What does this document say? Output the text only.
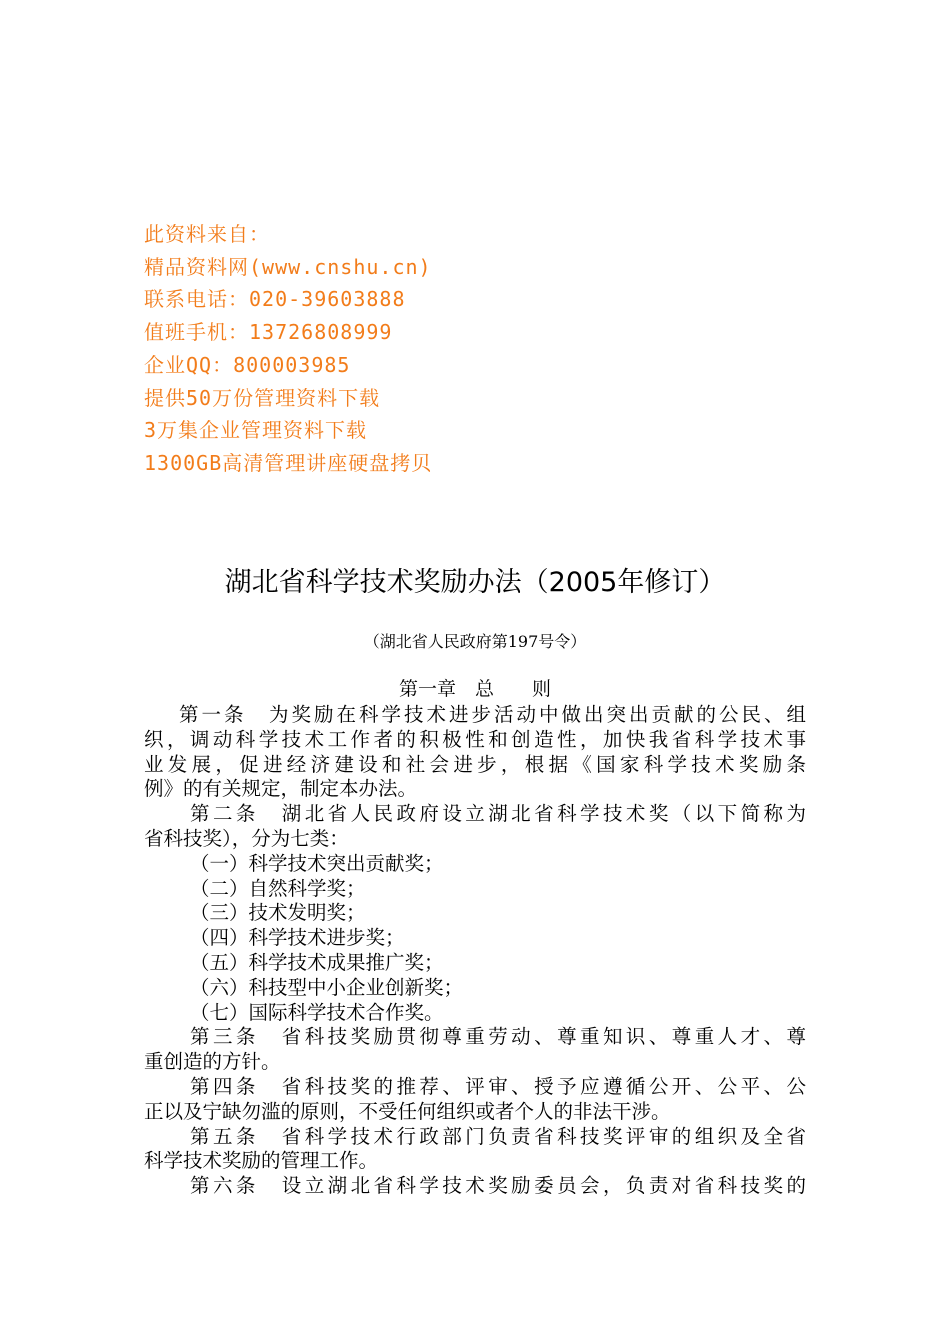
此资料来自：
精品资料网(www.cnshu.cn)
联系电话：020-39603888
值班手机：13726808999
企业QQ：800003985
提供50万份管理资料下载
3万集企业管理资料下载
1300GB高清管理讲座硬盘拷贝
湖北省科学技术奖励办法（2005年修订）
（湖北省人民政府第197号令）
第一章　总　　则
第一条　为奖励在科学技术进步活动中做出突出贡献的公民、组
织，调动科学技术工作者的积极性和创造性，加快我省科学技术事
业发展，促进经济建设和社会进步，根据《国家科学技术奖励条
例》的有关规定，制定本办法。
第二条　湖北省人民政府设立湖北省科学技术奖（以下简称为
省科技奖），分为七类：
（一）科学技术突出贡献奖；
（二）自然科学奖；
（三）技术发明奖；
（四）科学技术进步奖；
（五）科学技术成果推广奖；
（六）科技型中小企业创新奖；
（七）国际科学技术合作奖。
第三条　省科技奖励贯彻尊重劳动、尊重知识、尊重人才、尊
重创造的方针。
第四条　省科技奖的推荐、评审、授予应遵循公开、公平、公
正以及宁缺勿滥的原则，不受任何组织或者个人的非法干涉。
第五条　省科学技术行政部门负责省科技奖评审的组织及全省
科学技术奖励的管理工作。
第六条　设立湖北省科学技术奖励委员会，负责对省科技奖的
